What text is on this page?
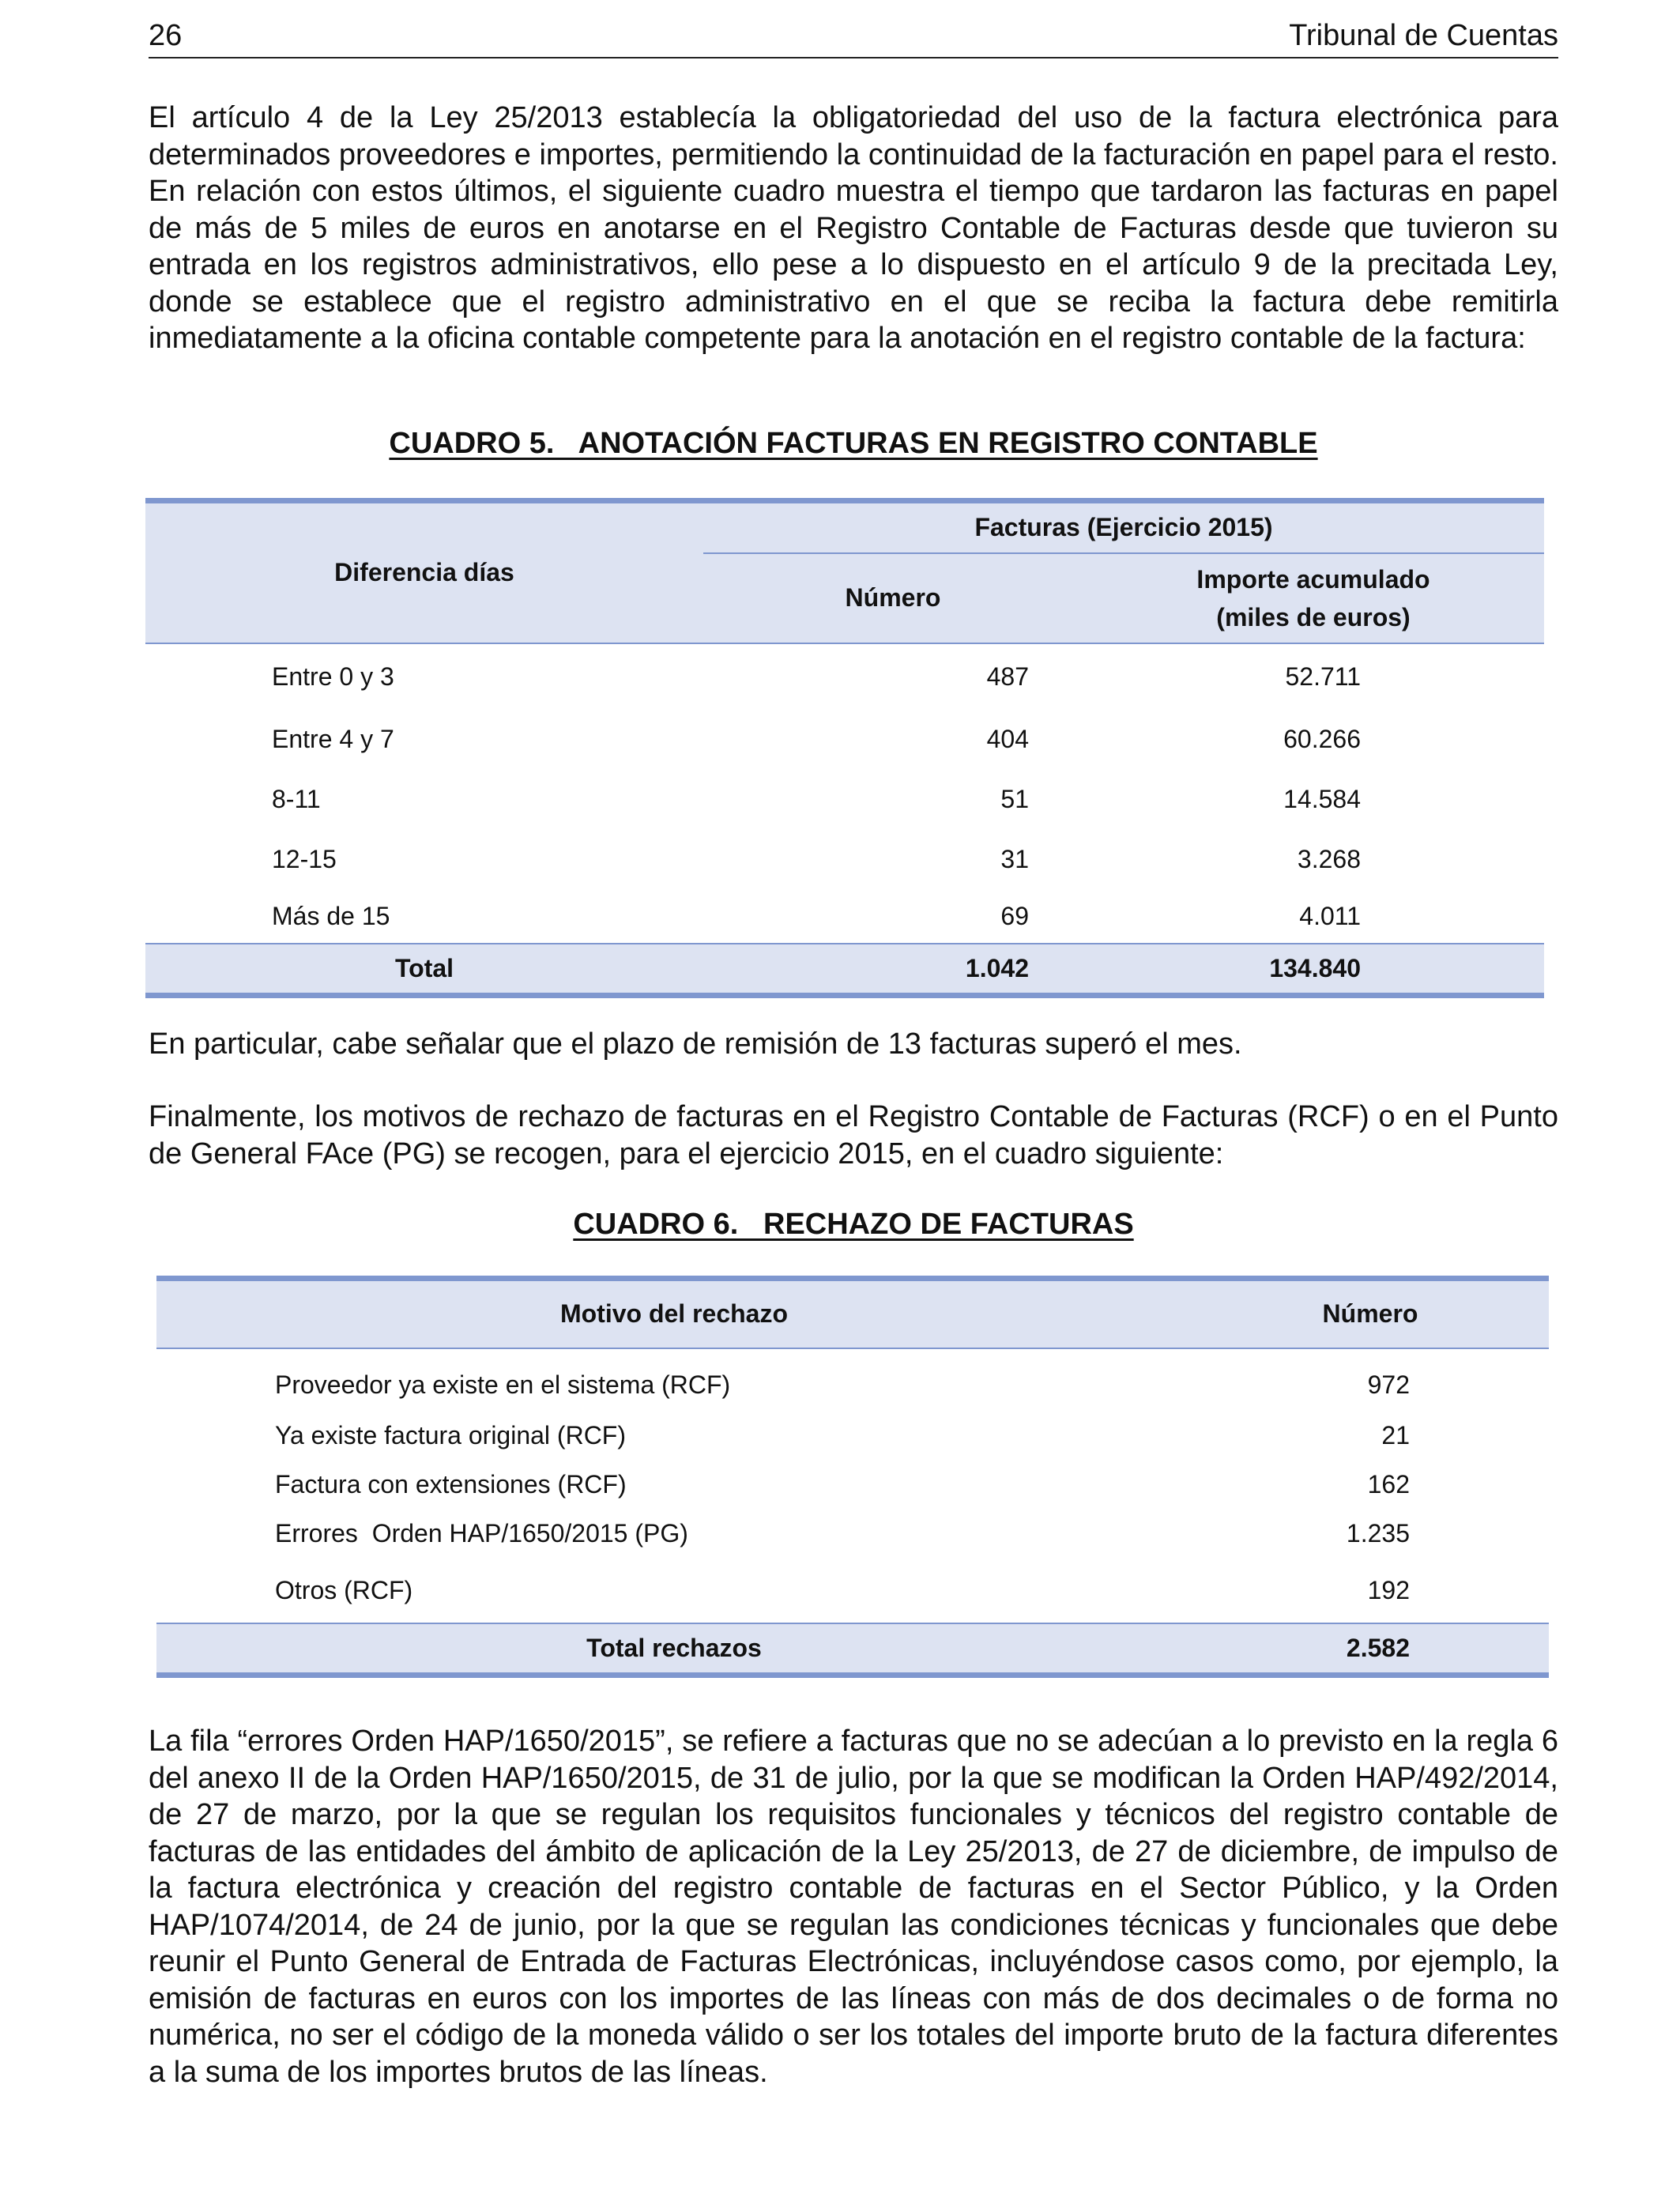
26	Tribunal de Cuentas

El artículo 4 de la Ley 25/2013 establecía la obligatoriedad del uso de la factura electrónica para determinados proveedores e importes, permitiendo la continuidad de la facturación en papel para el resto. En relación con estos últimos, el siguiente cuadro muestra el tiempo que tardaron las facturas en papel de más de 5 miles de euros en anotarse en el Registro Contable de Facturas desde que tuvieron su entrada en los registros administrativos, ello pese a lo dispuesto en el artículo 9 de la precitada Ley, donde se establece que el registro administrativo en el que se reciba la factura debe remitirla inmediatamente a la oficina contable competente para la anotación en el registro contable de la factura:

CUADRO 5.   ANOTACIÓN FACTURAS EN REGISTRO CONTABLE
Diferencia días	Facturas (Ejercicio 2015)	
	Número	Importe acumulado
(miles de euros)

Entre 0 y 3	487	52.711
Entre 4 y 7	404	60.266
8-11	51	14.584
12-15	31	3.268
Más de 15	69	4.011
Total	1.042	134.840

En particular, cabe señalar que el plazo de remisión de 13 facturas superó el mes.

Finalmente, los motivos de rechazo de facturas en el Registro Contable de Facturas (RCF) o en el Punto de General FAce (PG) se recogen, para el ejercicio 2015, en el cuadro siguiente:

CUADRO 6.   RECHAZO DE FACTURAS
Motivo del rechazo	Número
Proveedor ya existe en el sistema (RCF)	972
Ya existe factura original (RCF)	21
Factura con extensiones (RCF)	162
Errores  Orden HAP/1650/2015 (PG)	1.235
Otros (RCF)	192
Total rechazos	2.582

La fila “errores Orden HAP/1650/2015”, se refiere a facturas que no se adecúan a lo previsto en la regla 6 del anexo II de la Orden HAP/1650/2015, de 31 de julio, por la que se modifican la Orden HAP/492/2014, de 27 de marzo, por la que se regulan los requisitos funcionales y técnicos del registro contable de facturas de las entidades del ámbito de aplicación de la Ley 25/2013, de 27 de diciembre, de impulso de la factura electrónica y creación del registro contable de facturas en el Sector Público, y la Orden HAP/1074/2014, de 24 de junio, por la que se regulan las condiciones técnicas y funcionales que debe reunir el Punto General de Entrada de Facturas Electrónicas, incluyéndose casos como, por ejemplo, la emisión de facturas en euros con los importes de las líneas con más de dos decimales o de forma no numérica, no ser el código de la moneda válido o ser los totales del importe bruto de la factura diferentes a la suma de los importes brutos de las líneas.
